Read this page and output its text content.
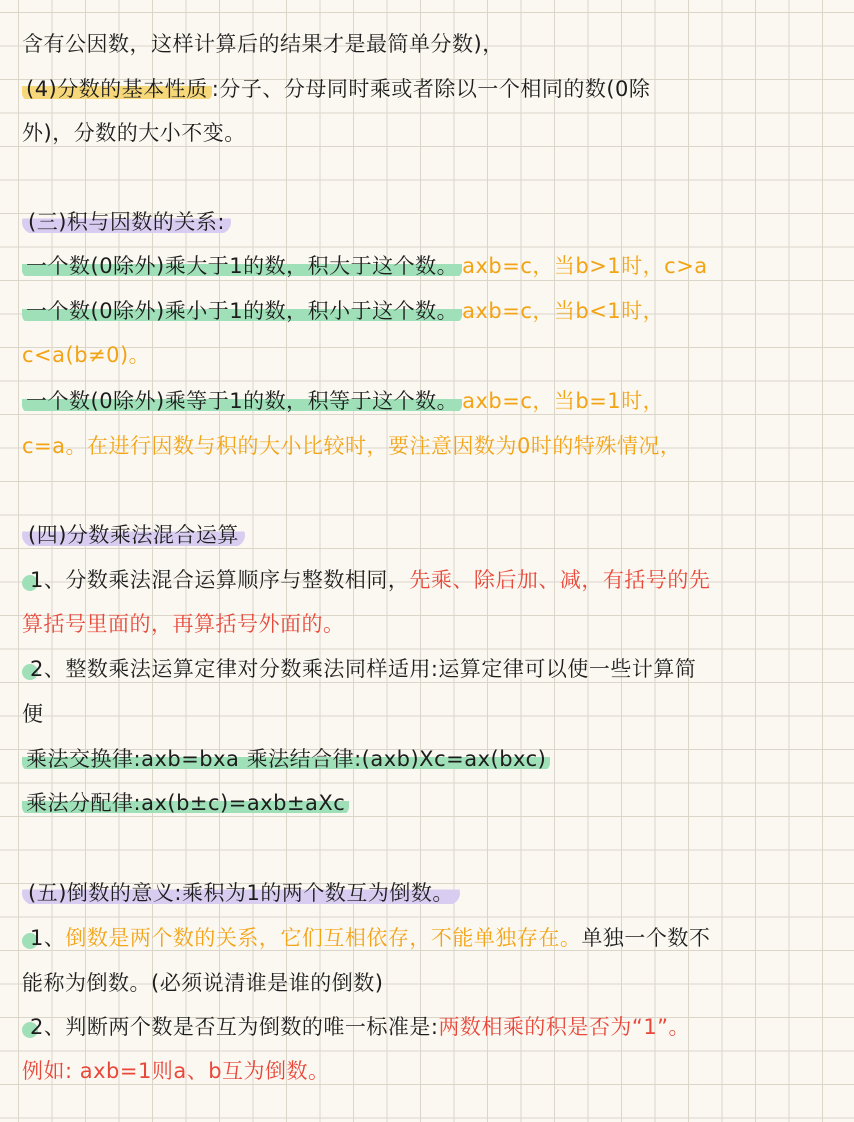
含有公因数，这样计算后的结果才是最简单分数)，
(4)分数的基本性质 :分子、分母同时乘或者除以一个相同的数(0除
外)，分数的大小不变。
(三)积与因数的关系:
一个数(0除外)乘大于1的数，积大于这个数。 axb=c，当b>1时，c>a
一个数(0除外)乘小于1的数，积小于这个数。 axb=c，当b<1时，
c<a(b≠0)。
一个数(0除外)乘等于1的数，积等于这个数。 axb=c，当b=1时，
c=a。在进行因数与积的大小比较时，要注意因数为0时的特殊情况，
(四)分数乘法混合运算
1、分数乘法混合运算顺序与整数相同，先乘、除后加、减，有括号的先
算括号里面的，再算括号外面的。
2、整数乘法运算定律对分数乘法同样适用:运算定律可以使一些计算简
便
乘法交换律:axb=bxa 乘法结合律:(axb)Xc=ax(bxc)
乘法分配律:ax(b±c)=axb±aXc
(五)倒数的意义:乘积为1的两个数互为倒数。
1、倒数是两个数的关系，它们互相依存，不能单独存在。单独一个数不
能称为倒数。(必须说清谁是谁的倒数)
2、判断两个数是否互为倒数的唯一标准是:两数相乘的积是否为“1”。
例如: axb=1则a、b互为倒数。
